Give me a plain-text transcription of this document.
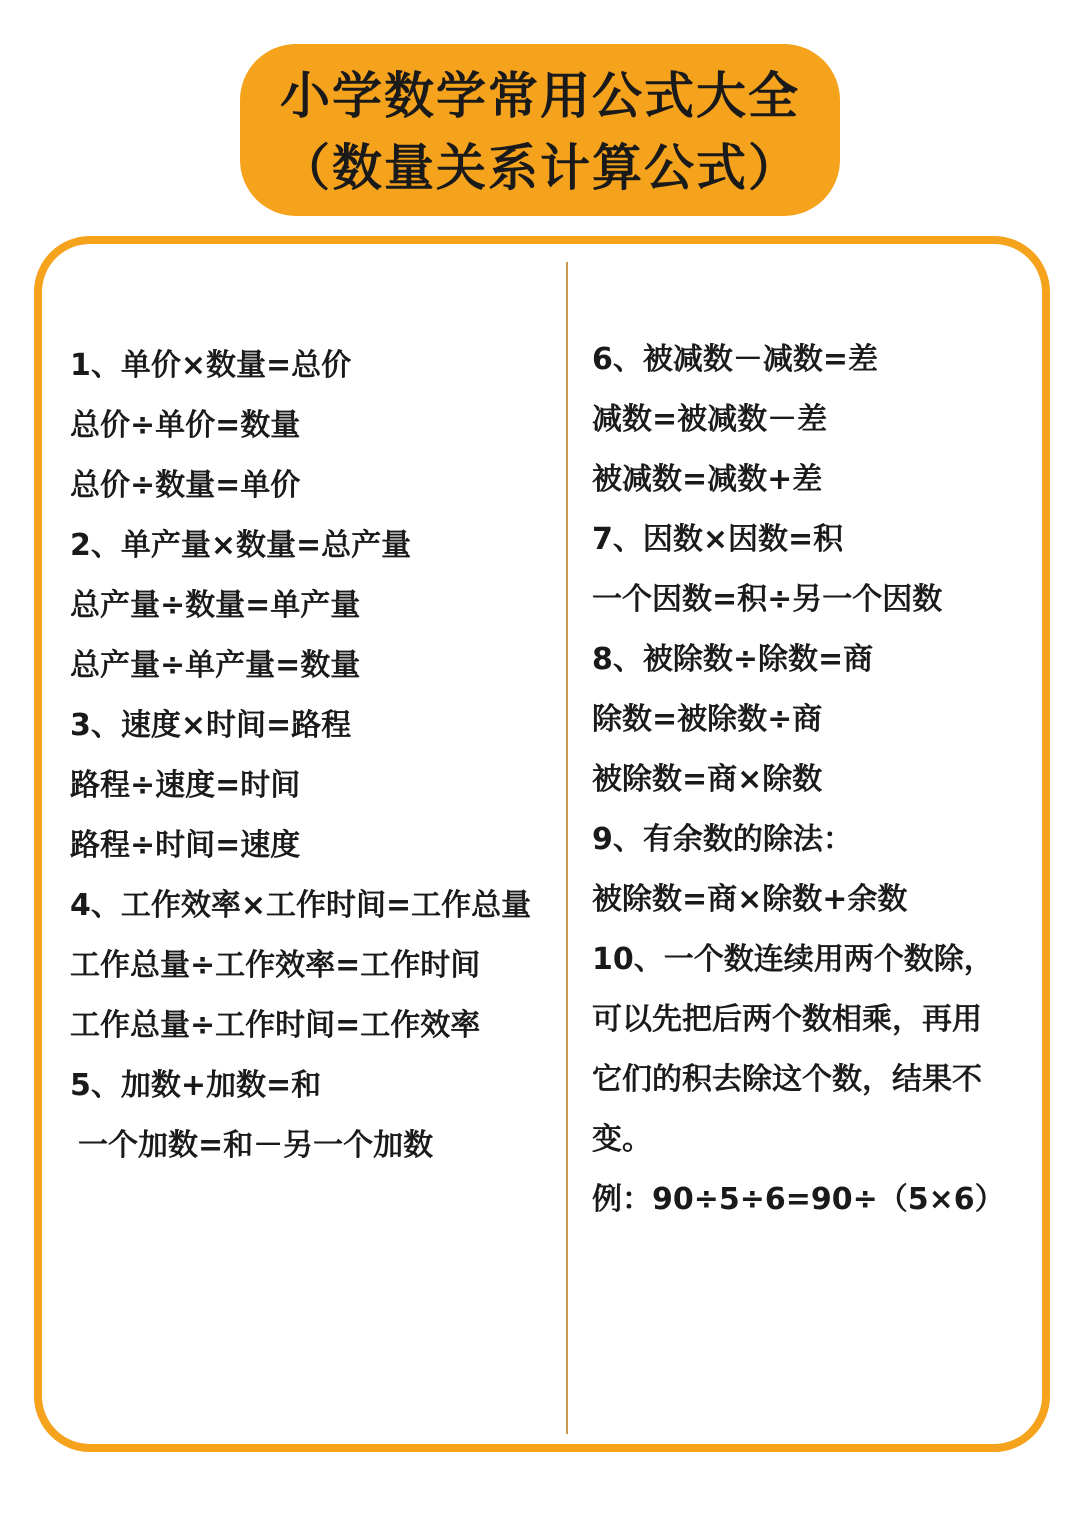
小学数学常用公式大全
（数量关系计算公式）
1、单价×数量=总价
总价÷单价=数量
总价÷数量=单价
2、单产量×数量=总产量
总产量÷数量=单产量
总产量÷单产量=数量
3、速度×时间=路程
路程÷速度=时间
路程÷时间=速度
4、工作效率×工作时间=工作总量
工作总量÷工作效率=工作时间
工作总量÷工作时间=工作效率
5、加数+加数=和
一个加数=和－另一个加数
6、被减数－减数=差
减数=被减数－差
被减数=减数+差
7、因数×因数=积
一个因数=积÷另一个因数
8、被除数÷除数=商
除数=被除数÷商
被除数=商×除数
9、有余数的除法：
被除数=商×除数+余数
10、一个数连续用两个数除，
可以先把后两个数相乘，再用
它们的积去除这个数，结果不
变。
例：90÷5÷6=90÷（5×6）
